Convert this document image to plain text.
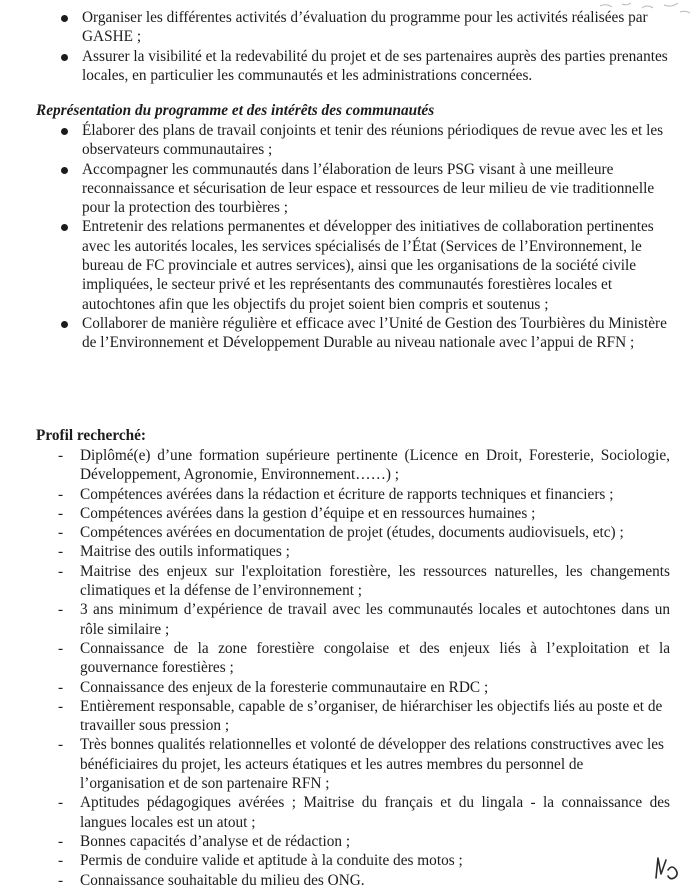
Organiser les différentes activités d’évaluation du programme pour les activités réalisées par GASHE ;
Assurer la visibilité et la redevabilité du projet et de ses partenaires auprès des parties prenantes locales, en particulier les communautés et les administrations concernées.
Représentation du programme et des intérêts des communautés
Élaborer des plans de travail conjoints et tenir des réunions périodiques de revue avec les et les observateurs communautaires ;
Accompagner les communautés dans l’élaboration de leurs PSG visant à une meilleure reconnaissance et sécurisation de leur espace et ressources de leur milieu de vie traditionnelle pour la protection des tourbières ;
Entretenir des relations permanentes et développer des initiatives de collaboration pertinentes avec les autorités locales, les services spécialisés de l’État (Services de l’Environnement, le bureau de FC provinciale et autres services), ainsi que les organisations de la société civile impliquées, le secteur privé et les représentants des communautés forestières locales et autochtones afin que les objectifs du projet soient bien compris et soutenus ;
Collaborer de manière régulière et efficace avec l’Unité de Gestion des Tourbières du Ministère de l’Environnement et Développement Durable au niveau nationale avec l’appui de RFN ;
Profil recherché:
- Diplômé(e) d’une formation supérieure pertinente (Licence en Droit, Foresterie, Sociologie, Développement, Agronomie, Environnement……) ;
- Compétences avérées dans la rédaction et écriture de rapports techniques et financiers ;
- Compétences avérées dans la gestion d’équipe et en ressources humaines ;
- Compétences avérées en documentation de projet (études, documents audiovisuels, etc) ;
- Maitrise des outils informatiques ;
- Maitrise des enjeux sur l'exploitation forestière, les ressources naturelles, les changements climatiques et la défense de l’environnement ;
- 3 ans minimum d’expérience de travail avec les communautés locales et autochtones dans un rôle similaire ;
- Connaissance de la zone forestière congolaise et des enjeux liés à l’exploitation et la gouvernance forestières ;
- Connaissance des enjeux de la foresterie communautaire en RDC ;
- Entièrement responsable, capable de s’organiser, de hiérarchiser les objectifs liés au poste et de travailler sous pression ;
- Très bonnes qualités relationnelles et volonté de développer des relations constructives avec les bénéficiaires du projet, les acteurs étatiques et les autres membres du personnel de l’organisation et de son partenaire RFN ;
- Aptitudes pédagogiques avérées ; Maitrise du français et du lingala - la connaissance des langues locales est un atout ;
- Bonnes capacités d’analyse et de rédaction ;
- Permis de conduire valide et aptitude à la conduite des motos ;
- Connaissance souhaitable du milieu des ONG.
